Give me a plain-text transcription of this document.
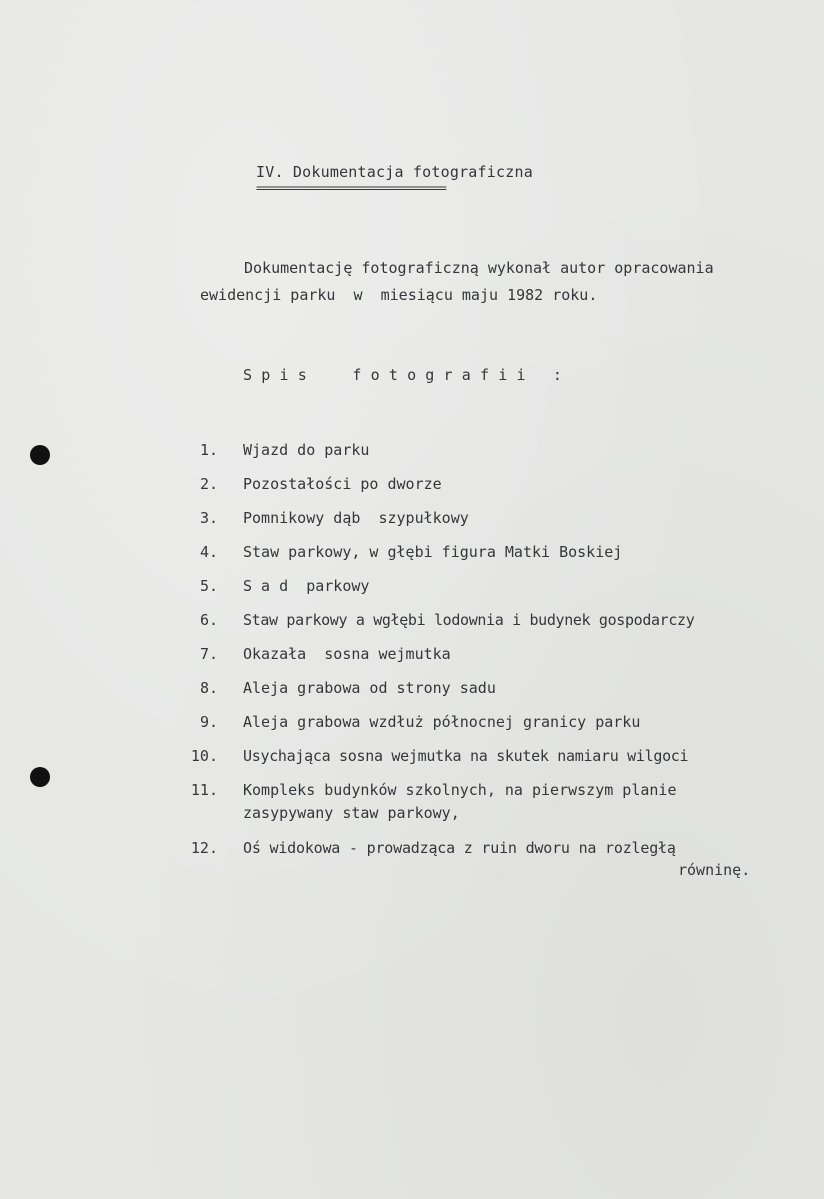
IV. Dokumentacja fotograficzna
================================
Dokumentację fotograficzną wykonał autor opracowania
ewidencji parku  w  miesiącu maju 1982 roku.
Spis  fotografii :
1. Wjazd do parku
2. Pozostałości po dworze
3. Pomnikowy dąb  szypułkowy
4. Staw parkowy, w głębi figura Matki Boskiej
5. S a d  parkowy
6. Staw parkowy a wgłębi lodownia i budynek gospodarczy
7. Okazała  sosna wejmutka
8. Aleja grabowa od strony sadu
9. Aleja grabowa wzdłuż północnej granicy parku
10. Usychająca sosna wejmutka na skutek namiaru wilgoci
11. Kompleks budynków szkolnych, na pierwszym planie
zasypywany staw parkowy,
12. Oś widokowa - prowadząca z ruin dworu na rozległą
równinę.
